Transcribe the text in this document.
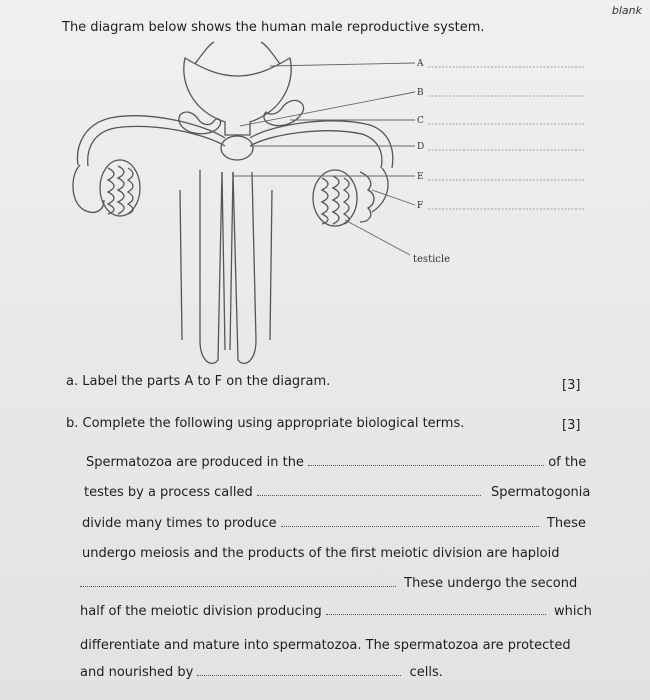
blank
The diagram below shows the human male reproductive system.
A
B
C
D
E
F
testicle
a. Label the parts A to F on the diagram.	[3]
b. Complete the following using appropriate biological terms.	[3]
Spermatozoa are produced in the	of the
testes by a process called	Spermatogonia
divide many times to produce	These
undergo meiosis and the products of the first meiotic division are haploid
These undergo the second
half of the meiotic division producing	which
differentiate and mature into spermatozoa. The spermatozoa are protected
and nourished by	cells.
